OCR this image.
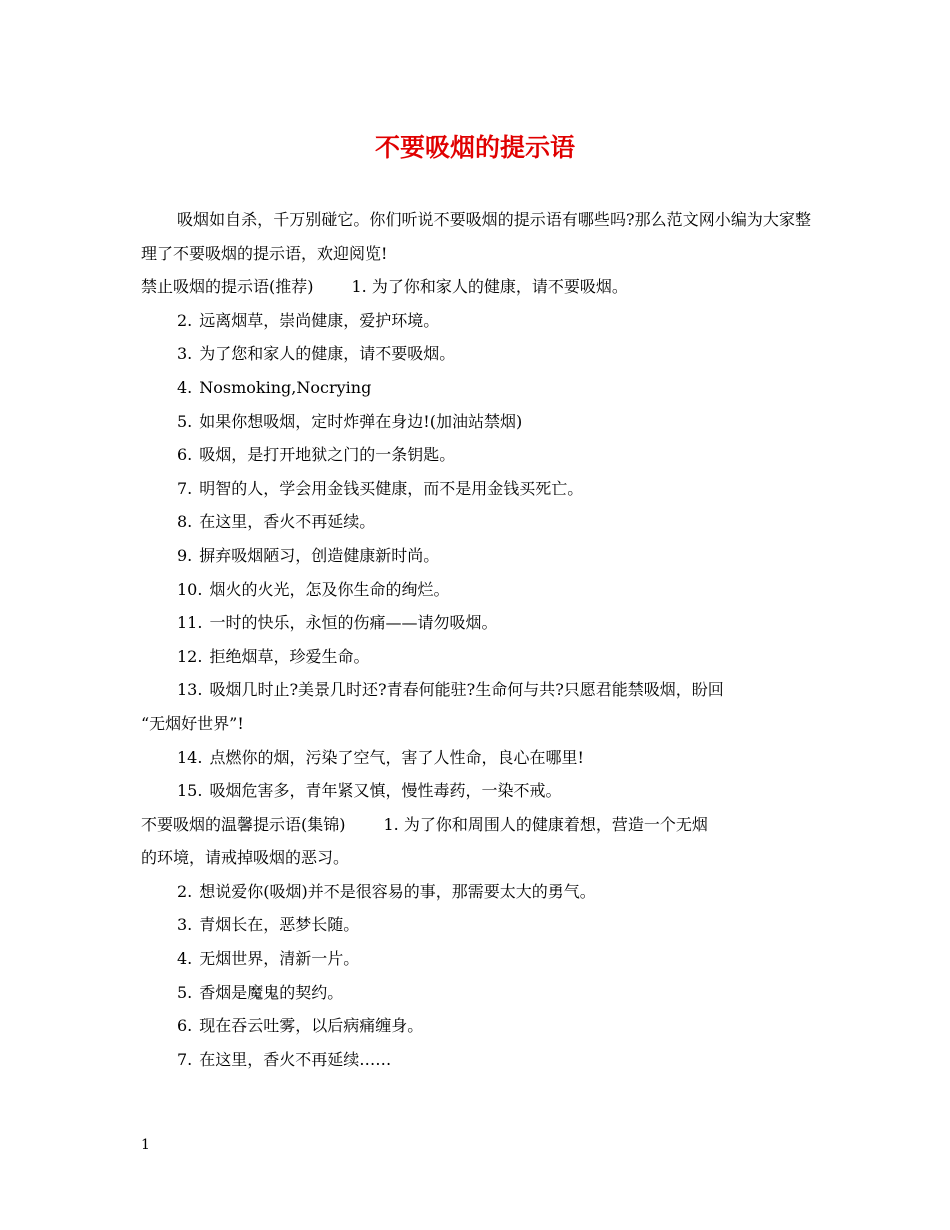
不要吸烟的提示语

吸烟如自杀，千万别碰它。你们听说不要吸烟的提示语有哪些吗?那么范文网小编为大家整理了不要吸烟的提示语，欢迎阅览!

禁止吸烟的提示语(推荐) 1. 为了你和家人的健康，请不要吸烟。

2. 远离烟草，崇尚健康，爱护环境。

3. 为了您和家人的健康，请不要吸烟。

4. Nosmoking,Nocrying

5. 如果你想吸烟，定时炸弹在身边!(加油站禁烟)

6. 吸烟，是打开地狱之门的一条钥匙。

7. 明智的人，学会用金钱买健康，而不是用金钱买死亡。

8. 在这里，香火不再延续。

9. 摒弃吸烟陋习，创造健康新时尚。

10. 烟火的火光，怎及你生命的绚烂。

11. 一时的快乐，永恒的伤痛——请勿吸烟。

12. 拒绝烟草，珍爱生命。

13. 吸烟几时止?美景几时还?青春何能驻?生命何与共?只愿君能禁吸烟，盼回

“无烟好世界”!

14. 点燃你的烟，污染了空气，害了人性命，良心在哪里!

15. 吸烟危害多，青年紧又慎，慢性毒药，一染不戒。

不要吸烟的温馨提示语(集锦) 1. 为了你和周围人的健康着想，营造一个无烟

的环境，请戒掉吸烟的恶习。

2. 想说爱你(吸烟)并不是很容易的事，那需要太大的勇气。

3. 青烟长在，恶梦长随。

4. 无烟世界，清新一片。

5. 香烟是魔鬼的契约。

6. 现在吞云吐雾，以后病痛缠身。

7. 在这里，香火不再延续……

1
